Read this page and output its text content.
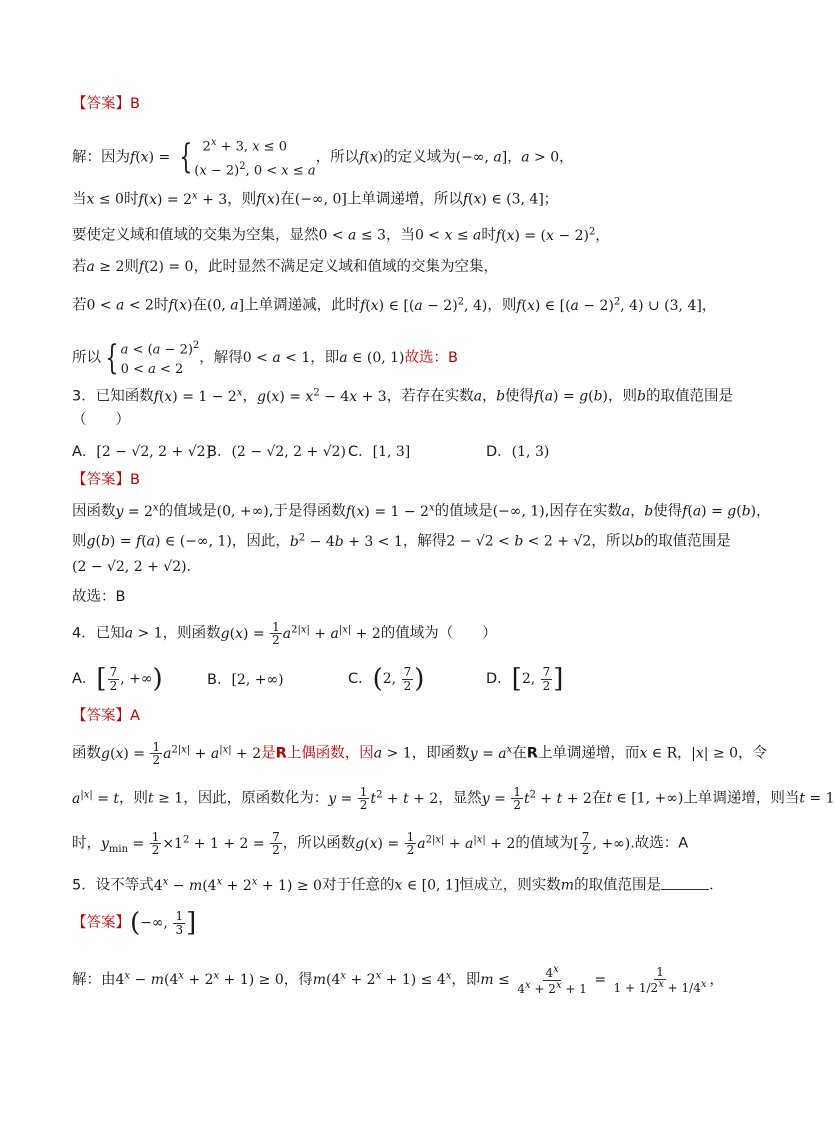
【答案】B
解：因为f(x) = { $2^x + 3$, x ≤ 0
$(x - 2)^2$, 0 < x ≤ a
，所以f(x)的定义域为(−∞, a]，a > 0，
当x ≤ 0时$f(x) = 2^x + 3$，则f(x)在(−∞, 0]上单调递增，所以f(x) ∈ (3, 4]；
要使定义域和值域的交集为空集，显然0 < a ≤ 3，当0 < x ≤ a时$f(x) = (x - 2)^2$，
若a ≥ 2则f(2) = 0，此时显然不满足定义域和值域的交集为空集，
若0 < a < 2时f(x)在(0, a]上单调递减，此时f(x) ∈ [$(a - 2)^2$, 4)，则f(x) ∈ [$(a - 2)^2$, 4) ∪ (3, 4]，
所以 { $a < (a - 2)^2$
0 < a < 2
，解得0 < a < 1，即a ∈ (0, 1)故选：B
3．已知函数$f(x) = 1 - 2^x$，$g(x) = x^2 - 4x + 3$，若存在实数a，b使得f(a) = g(b)，则b的取值范围是
（　　）
A．[2 − √2, 2 + √2]
B．(2 − √2, 2 + √2) C．[1, 3]	D．(1, 3)
【答案】B
因函数$y = 2^x$的值域是(0, +∞),于是得函数$f(x) = 1 - 2^x$的值域是(−∞, 1),因存在实数a，b使得f(a) = g(b)，
则g(b) = f(a) ∈ (−∞, 1)，因此，$b^2 - 4b + 3 < 1$，解得2 − √2 < b < 2 + √2，所以b的取值范围是
(2 − √2, 2 + √2).
故选：B
4．已知a > 1，则函数$g(x) = \frac{1}{2} a^{2|x|} + a^{|x|} + 2$的值域为（　　）
A．[ $\frac{7}{2}$ , +∞)	B．[2, +∞)	C．(2, $\frac{7}{2}$ )	D．[2, $\frac{7}{2}$ ]
【答案】A
函数$g(x) = \frac{1}{2} a^{2|x|} + a^{|x|} + 2$是R上偶函数，因a > 1，即函数$y = a^x$在R上单调递增，而x ∈ R，|x| ≥ 0，令
$a^{|x|} = t$，则t ≥ 1，因此，原函数化为：$y = \frac{1}{2} t^2 + t + 2$，显然$y = \frac{1}{2} t^2 + t + 2$在t ∈ [1, +∞)上单调递增，则当t = 1
时，$y_{min} = \frac{1}{2} \times 1^2 + 1 + 2 = \frac{7}{2}$ ，所以函数$g(x) = \frac{1}{2} a^{2|x|} + a^{|x|} + 2$的值域为[ $\frac{7}{2}$ , +∞).故选：A
5．设不等式$4^x - m(4^x + 2^x + 1) \ge 0$对于任意的x ∈ [0, 1]恒成立，则实数m的取值范围是	．
【答案】(−∞, $\frac{1}{3}$ ]
解：由$4^x - m(4^x + 2^x + 1) \ge 0$，得$m(4^x + 2^x + 1) \le 4^x$，即$m \le \frac{4^x}{4^x + 2^x + 1} = \frac{1}{1 + 1/2^x + 1/4^x}$ ，
